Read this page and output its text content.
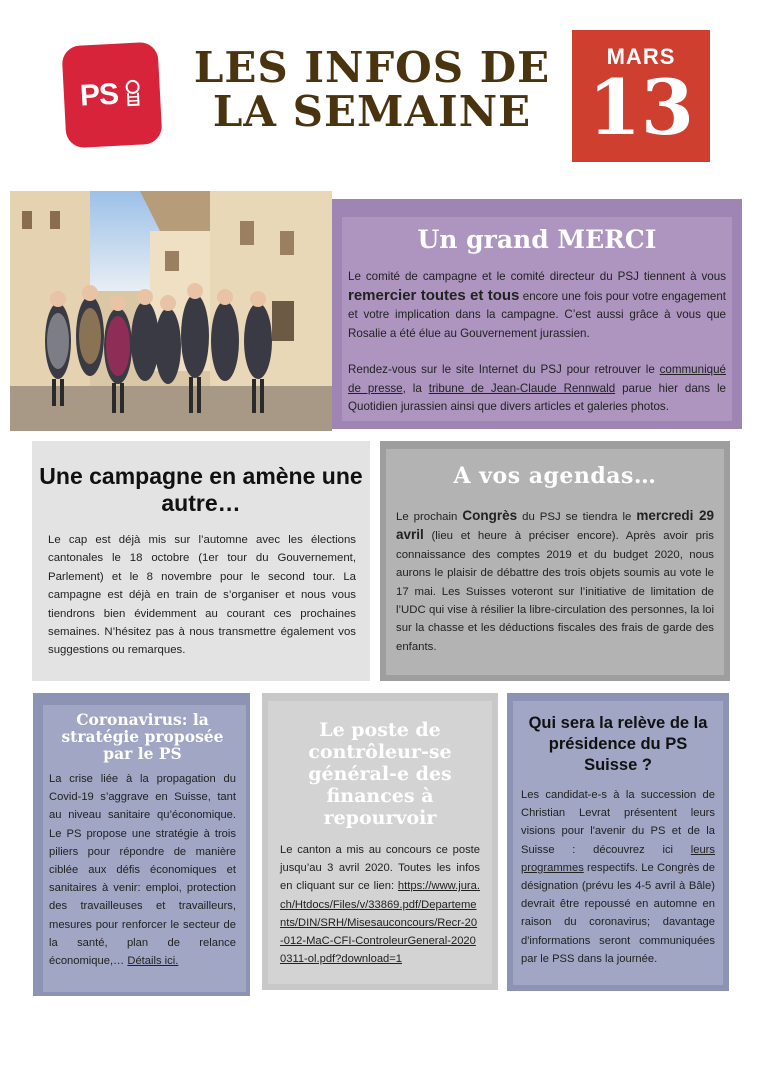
PS
LES INFOS DE
LA SEMAINE
MARS
13
Un grand MERCI

Le comité de campagne et le comité directeur du PSJ tiennent à vous remercier toutes et tous encore une fois pour votre engagement et votre implication dans la campagne. C’est aussi grâce à vous que Rosalie a été élue au Gouvernement jurassien.

Rendez-vous sur le site Internet du PSJ pour retrouver le communiqué de presse, la tribune de Jean-Claude Rennwald parue hier dans le Quotidien jurassien ainsi que divers articles et galeries photos.

Une campagne en amène une autre…

Le cap est déjà mis sur l’automne avec les élections cantonales le 18 octobre (1er tour du Gouvernement, Parlement) et le 8 novembre pour le second tour. La campagne est déjà en train de s’organiser et nous vous tiendrons bien évidemment au courant ces prochaines semaines. N’hésitez pas à nous transmettre également vos suggestions ou remarques.

A vos agendas…

Le prochain Congrès du PSJ se tiendra le mercredi 29 avril (lieu et heure à préciser encore). Après avoir pris connaissance des comptes 2019 et du budget 2020, nous aurons le plaisir de débattre des trois objets soumis au vote le 17 mai. Les Suisses voteront sur l’initiative de limitation de l’UDC qui vise à résilier la libre-circulation des personnes, la loi sur la chasse et les déductions fiscales des frais de garde des enfants.

Coronavirus: la stratégie proposée par le PS

La crise liée à la propagation du Covid-19 s’aggrave en Suisse, tant au niveau sanitaire qu’économique. Le PS propose une stratégie à trois piliers pour répondre de manière ciblée aux défis économiques et sanitaires à venir: emploi, protection des travailleuses et travailleurs, mesures pour renforcer le secteur de la santé, plan de relance économique,… Détails ici.

Le poste de contrôleur-se général-e des finances à repourvoir

Le canton a mis au concours ce poste jusqu’au 3 avril 2020. Toutes les infos en cliquant sur ce lien: https://www.jura.ch/Htdocs/Files/v/33869.pdf/Departements/DIN/SRH/Misesauconcours/Recr-20-012-MaC-CFI-ControleurGeneral-20200311-ol.pdf?download=1

Qui sera la relève de la présidence du PS Suisse ?

Les candidat-e-s à la succession de Christian Levrat présentent leurs visions pour l'avenir du PS et de la Suisse : découvrez ici leurs programmes respectifs. Le Congrès de désignation (prévu les 4-5 avril à Bâle) devrait être repoussé en automne en raison du coronavirus; davantage d'informations seront communiquées par le PSS dans la journée.
